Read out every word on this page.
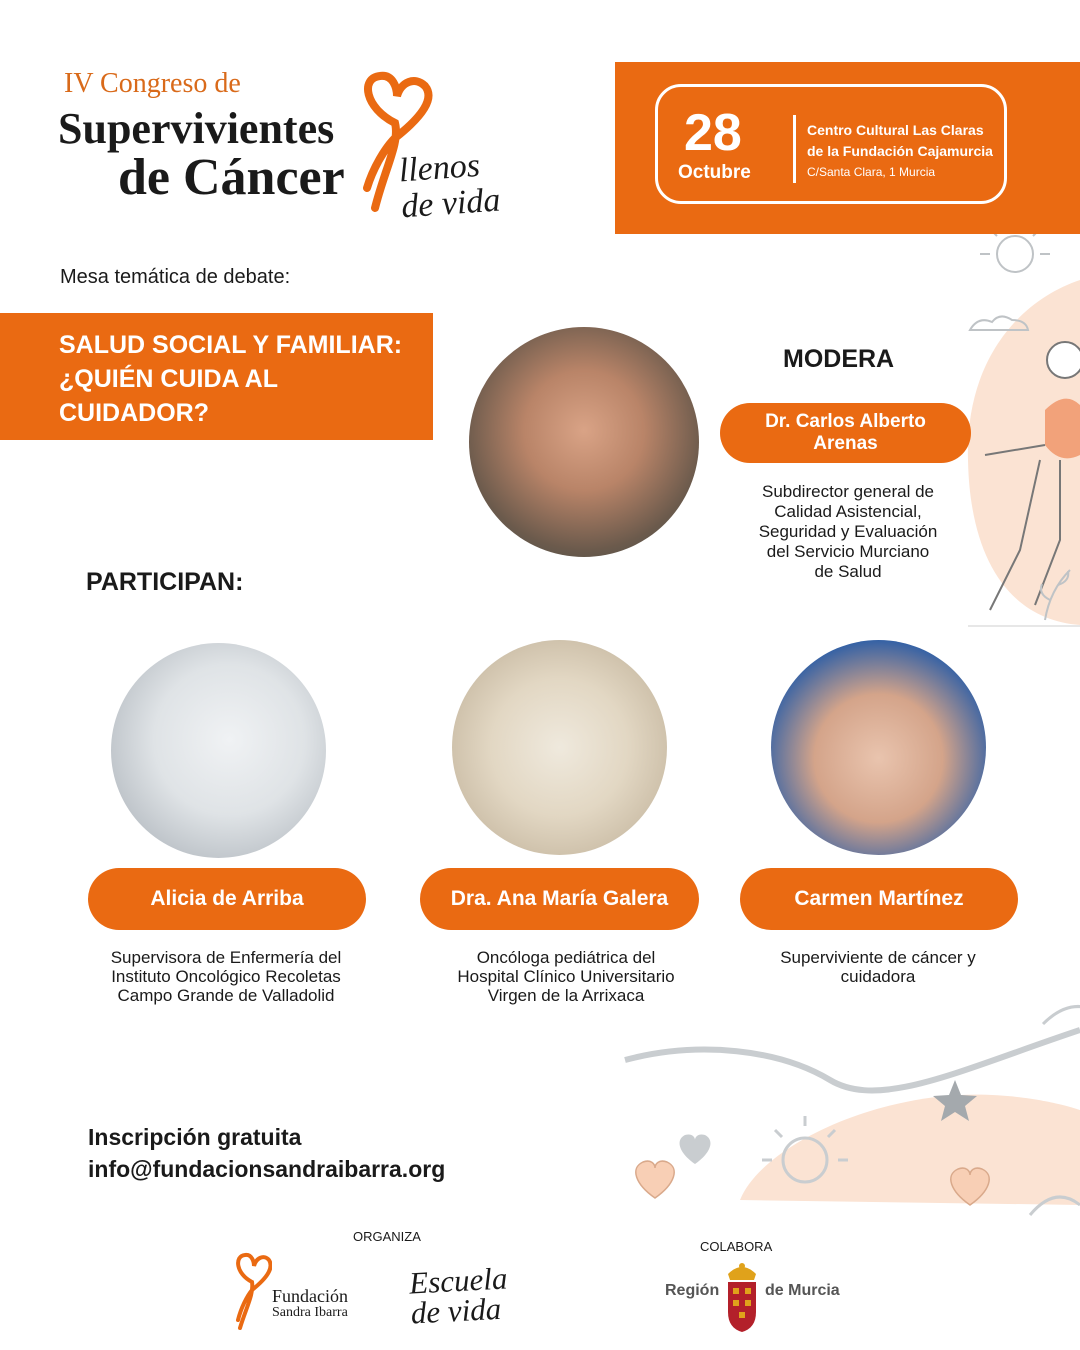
IV Congreso de
Supervivientes
de Cáncer llenos
de vida
28
Octubre
Centro Cultural Las Claras
de la Fundación Cajamurcia
C/Santa Clara, 1 Murcia
Mesa temática de debate:
SALUD SOCIAL Y FAMILIAR:
¿QUIÉN CUIDA AL
CUIDADOR?
MODERA
Dr. Carlos Alberto
Arenas
Subdirector general de
Calidad Asistencial,
Seguridad y Evaluación
del Servicio Murciano
de Salud
PARTICIPAN:
Alicia de Arriba	Dra. Ana María Galera	Carmen Martínez
Supervisora de Enfermería del
Instituto Oncológico Recoletas
Campo Grande de Valladolid
Oncóloga pediátrica del
Hospital Clínico Universitario
Virgen de la Arrixaca
Superviviente de cáncer y
cuidadora
Inscripción gratuita
info@fundacionsandraibarra.org
ORGANIZA
COLABORA
Fundación
Sandra Ibarra
Escuela
de vida
Región	de Murcia
